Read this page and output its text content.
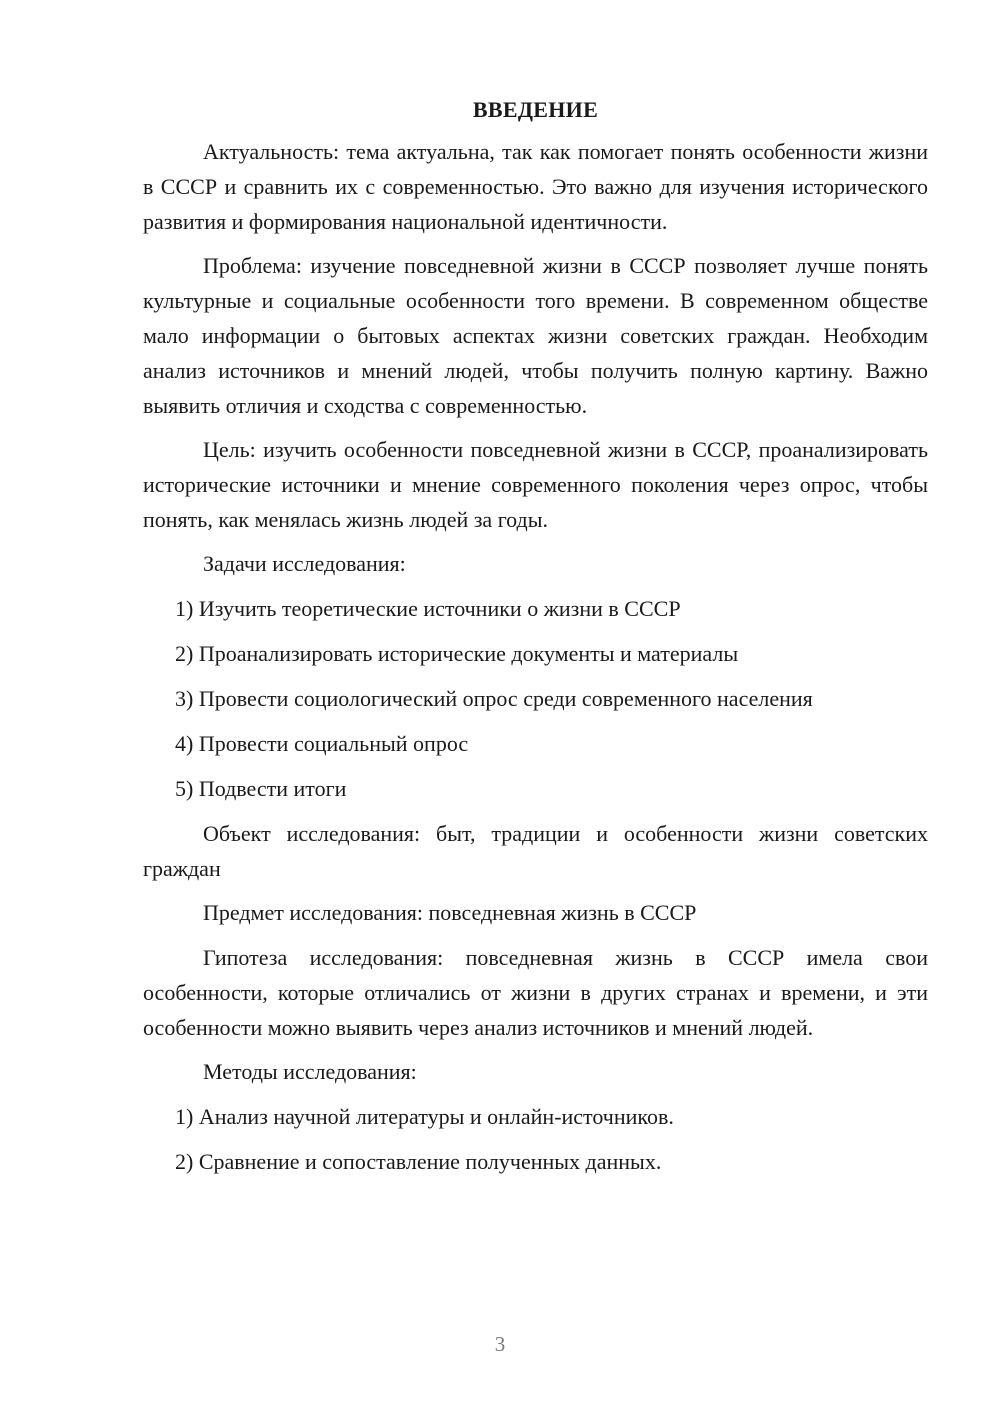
ВВЕДЕНИЕ

Актуальность: тема актуальна, так как помогает понять особенности жизни в СССР и сравнить их с современностью. Это важно для изучения исторического развития и формирования национальной идентичности.

Проблема: изучение повседневной жизни в СССР позволяет лучше понять культурные и социальные особенности того времени. В современном обществе мало информации о бытовых аспектах жизни советских граждан. Необходим анализ источников и мнений людей, чтобы получить полную картину. Важно выявить отличия и сходства с современностью.

Цель: изучить особенности повседневной жизни в СССР, проанализировать исторические источники и мнение современного поколения через опрос, чтобы понять, как менялась жизнь людей за годы.

Задачи исследования:

1) Изучить теоретические источники о жизни в СССР

2) Проанализировать исторические документы и материалы

3) Провести социологический опрос среди современного населения

4) Провести социальный опрос

5) Подвести итоги

Объект исследования: быт, традиции и особенности жизни советских граждан

Предмет исследования: повседневная жизнь в СССР

Гипотеза исследования: повседневная жизнь в СССР имела свои особенности, которые отличались от жизни в других странах и времени, и эти особенности можно выявить через анализ источников и мнений людей.

Методы исследования:

1) Анализ научной литературы и онлайн-источников.

2) Сравнение и сопоставление полученных данных.

3
